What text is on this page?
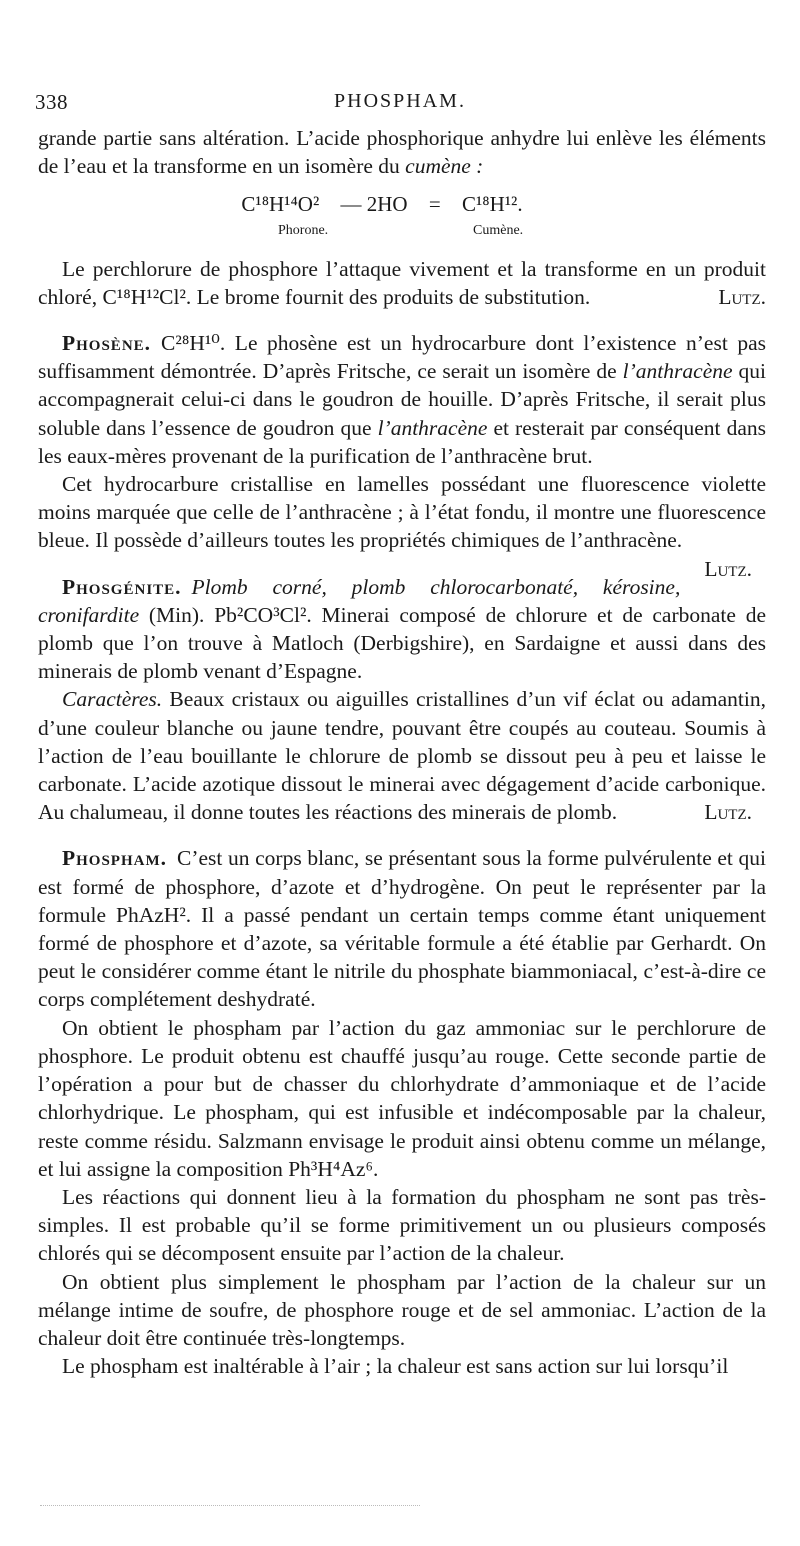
338	PHOSPHAM.

grande partie sans altération. L’acide phosphorique anhydre lui enlève les éléments de l’eau et la transforme en un isomère du cumène :

C¹⁸H¹⁴O² — 2HO = C¹⁸H¹².
Phorone.	Cumène.

Le perchlorure de phosphore l’attaque vivement et la transforme en un produit chloré, C¹⁸H¹²Cl². Le brome fournit des produits de substitution.	Lutz.

Phosène. C²⁸H¹⁰. Le phosène est un hydrocarbure dont l’existence n’est pas suffisamment démontrée. D’après Fritsche, ce serait un isomère de l’anthracène qui accompagnerait celui-ci dans le goudron de houille. D’après Fritsche, il serait plus soluble dans l’essence de goudron que l’anthracène et resterait par conséquent dans les eaux-mères provenant de la purification de l’anthracène brut.

Cet hydrocarbure cristallise en lamelles possédant une fluorescence violette moins marquée que celle de l’anthracène ; à l’état fondu, il montre une fluorescence bleue. Il possède d’ailleurs toutes les propriétés chimiques de l’anthracène.
Lutz.

Phosgénite. Plomb corné, plomb chlorocarbonaté, kérosine, cronifardite (Min). Pb²CO³Cl². Minerai composé de chlorure et de carbonate de plomb que l’on trouve à Matloch (Derbigshire), en Sardaigne et aussi dans des minerais de plomb venant d’Espagne.

Caractères. Beaux cristaux ou aiguilles cristallines d’un vif éclat ou adamantin, d’une couleur blanche ou jaune tendre, pouvant être coupés au couteau. Soumis à l’action de l’eau bouillante le chlorure de plomb se dissout peu à peu et laisse le carbonate. L’acide azotique dissout le minerai avec dégagement d’acide carbonique. Au chalumeau, il donne toutes les réactions des minerais de plomb.	Lutz.

Phospham. C’est un corps blanc, se présentant sous la forme pulvérulente et qui est formé de phosphore, d’azote et d’hydrogène. On peut le représenter par la formule PhAzH². Il a passé pendant un certain temps comme étant uniquement formé de phosphore et d’azote, sa véritable formule a été établie par Gerhardt. On peut le considérer comme étant le nitrile du phosphate biammoniacal, c’est-à-dire ce corps complétement deshydraté.

On obtient le phospham par l’action du gaz ammoniac sur le perchlorure de phosphore. Le produit obtenu est chauffé jusqu’au rouge. Cette seconde partie de l’opération a pour but de chasser du chlorhydrate d’ammoniaque et de l’acide chlorhydrique. Le phospham, qui est infusible et indécomposable par la chaleur, reste comme résidu. Salzmann envisage le produit ainsi obtenu comme un mélange, et lui assigne la composition Ph³H⁴Az⁶.

Les réactions qui donnent lieu à la formation du phospham ne sont pas très-simples. Il est probable qu’il se forme primitivement un ou plusieurs composés chlorés qui se décomposent ensuite par l’action de la chaleur.

On obtient plus simplement le phospham par l’action de la chaleur sur un mélange intime de soufre, de phosphore rouge et de sel ammoniac. L’action de la chaleur doit être continuée très-longtemps.

Le phospham est inaltérable à l’air ; la chaleur est sans action sur lui lorsqu’il
